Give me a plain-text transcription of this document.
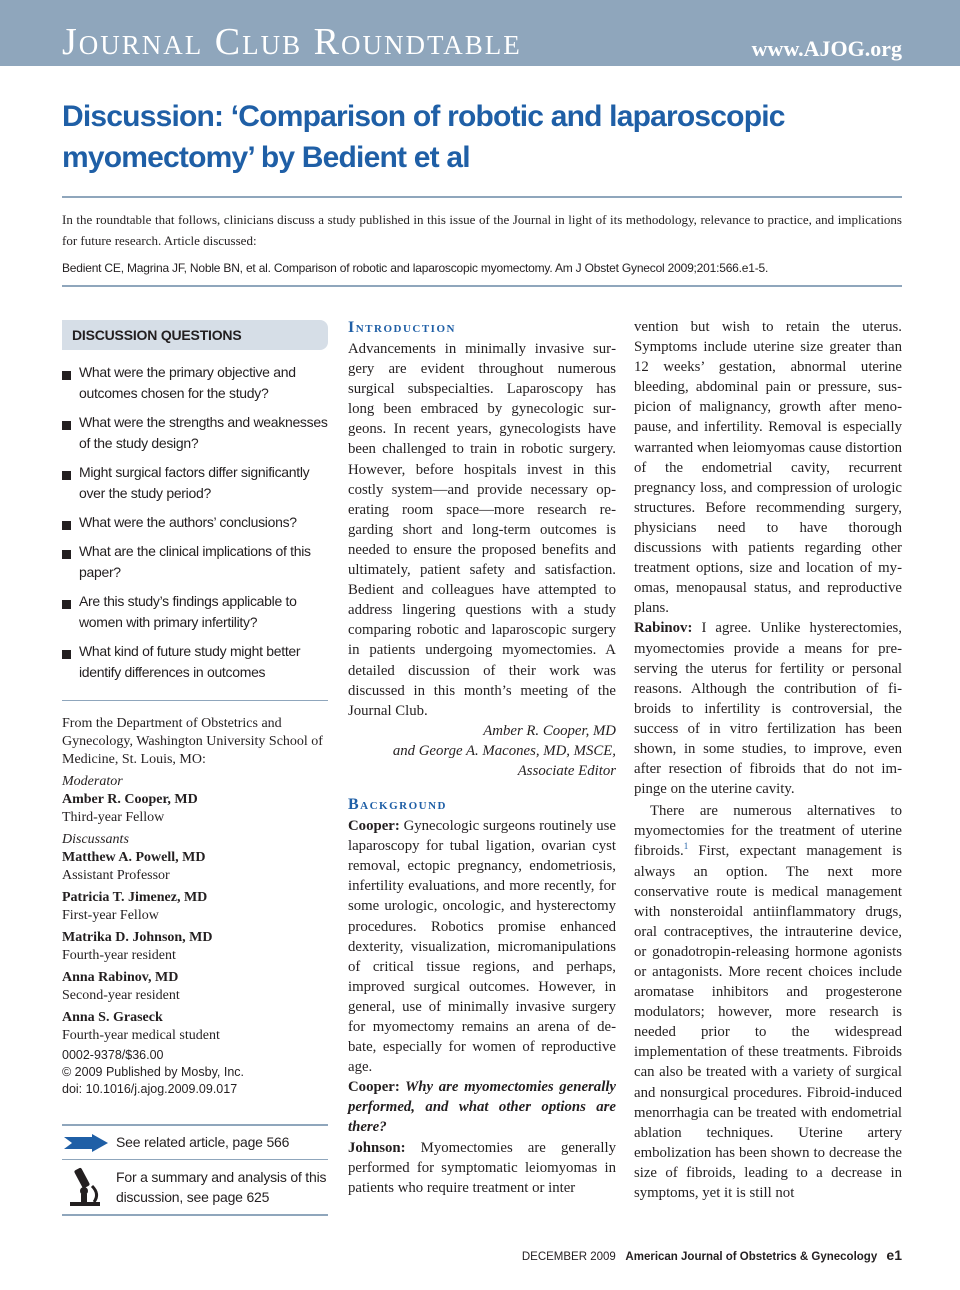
Journal Club Roundtable	www.AJOG.org
Discussion: ‘Comparison of robotic and laparoscopic myomectomy’ by Bedient et al

In the roundtable that follows, clinicians discuss a study published in this issue of the Journal in light of its methodology, relevance to practice, and implications for future research. Article discussed:

Bedient CE, Magrina JF, Noble BN, et al. Comparison of robotic and laparoscopic myomectomy. Am J Obstet Gynecol 2009;201:566.e1-5.

DISCUSSION QUESTIONS
What were the primary objective and outcomes chosen for the study?
What were the strengths and weaknesses of the study design?
Might surgical factors differ significantly over the study period?
What were the authors’ conclusions?
What are the clinical implications of this paper?
Are this study’s findings applicable to women with primary infertility?
What kind of future study might better identify differences in outcomes

From the Department of Obstetrics and Gynecology, Washington University School of Medicine, St. Louis, MO:

Moderator

Amber R. Cooper, MD

Third-year Fellow

Discussants

Matthew A. Powell, MD

Assistant Professor

Patricia T. Jimenez, MD

First-year Fellow

Matrika D. Johnson, MD

Fourth-year resident

Anna Rabinov, MD

Second-year resident

Anna S. Graseck

Fourth-year medical student

0002-9378/$36.00

© 2009 Published by Mosby, Inc.

doi: 10.1016/j.ajog.2009.09.017

See related article, page 566
For a summary and analysis of this discussion, see page 625

Introduction

Advancements in minimally invasive surgery are evident throughout numerous surgical subspecialties. Laparoscopy has long been embraced by gynecologic surgeons. In recent years, gynecologists have been challenged to train in robotic surgery. However, before hospitals invest in this costly system—and provide necessary operating room space—more research regarding short and long-term outcomes is needed to ensure the proposed benefits and ultimately, patient safety and satisfaction. Bedient and colleagues have attempted to address lingering questions with a study comparing robotic and laparoscopic surgery in patients undergoing myomectomies. A detailed discussion of their work was discussed in this month’s meeting of the Journal Club.

Amber R. Cooper, MD

and George A. Macones, MD, MSCE,

Associate Editor

Background

Cooper: Gynecologic surgeons routinely use laparoscopy for tubal ligation, ovarian cyst removal, ectopic pregnancy, endometriosis, infertility evaluations, and more recently, for some urologic, oncologic, and hysterectomy procedures. Robotics promise enhanced dexterity, visualization, micromanipulations of critical tissue regions, and perhaps, improved surgical outcomes. However, in general, use of minimally invasive surgery for myomectomy remains an arena of debate, especially for women of reproductive age.

Cooper: Why are myomectomies generally performed, and what other options are there?

Johnson: Myomectomies are generally performed for symptomatic leiomyomas in patients who require treatment or inter

vention but wish to retain the uterus. Symptoms include uterine size greater than 12 weeks’ gestation, abnormal uterine bleeding, abdominal pain or pressure, suspicion of malignancy, growth after menopause, and infertility. Removal is especially warranted when leiomyomas cause distortion of the endometrial cavity, recurrent pregnancy loss, and compression of urologic structures. Before recommending surgery, physicians need to have thorough discussions with patients regarding other treatment options, size and location of myomas, menopausal status, and reproductive plans.

Rabinov: I agree. Unlike hysterectomies, myomectomies provide a means for preserving the uterus for fertility or personal reasons. Although the contribution of fibroids to infertility is controversial, the success of in vitro fertilization has been shown, in some studies, to improve, even after resection of fibroids that do not impinge on the uterine cavity.

There are numerous alternatives to myomectomies for the treatment of uterine fibroids.$^1$ First, expectant management is always an option. The next more conservative route is medical management with nonsteroidal antiinflammatory drugs, oral contraceptives, the intrauterine device, or gonadotropin-releasing hormone agonists or antagonists. More recent choices include aromatase inhibitors and progesterone modulators; however, more research is needed prior to the widespread implementation of these treatments. Fibroids can also be treated with a variety of surgical and nonsurgical procedures. Fibroid-induced menorrhagia can be treated with endometrial ablation techniques. Uterine artery embolization has been shown to decrease the size of fibroids, leading to a decrease in symptoms, yet it is still not

DECEMBER 2009 American Journal of Obstetrics & Gynecology e1
